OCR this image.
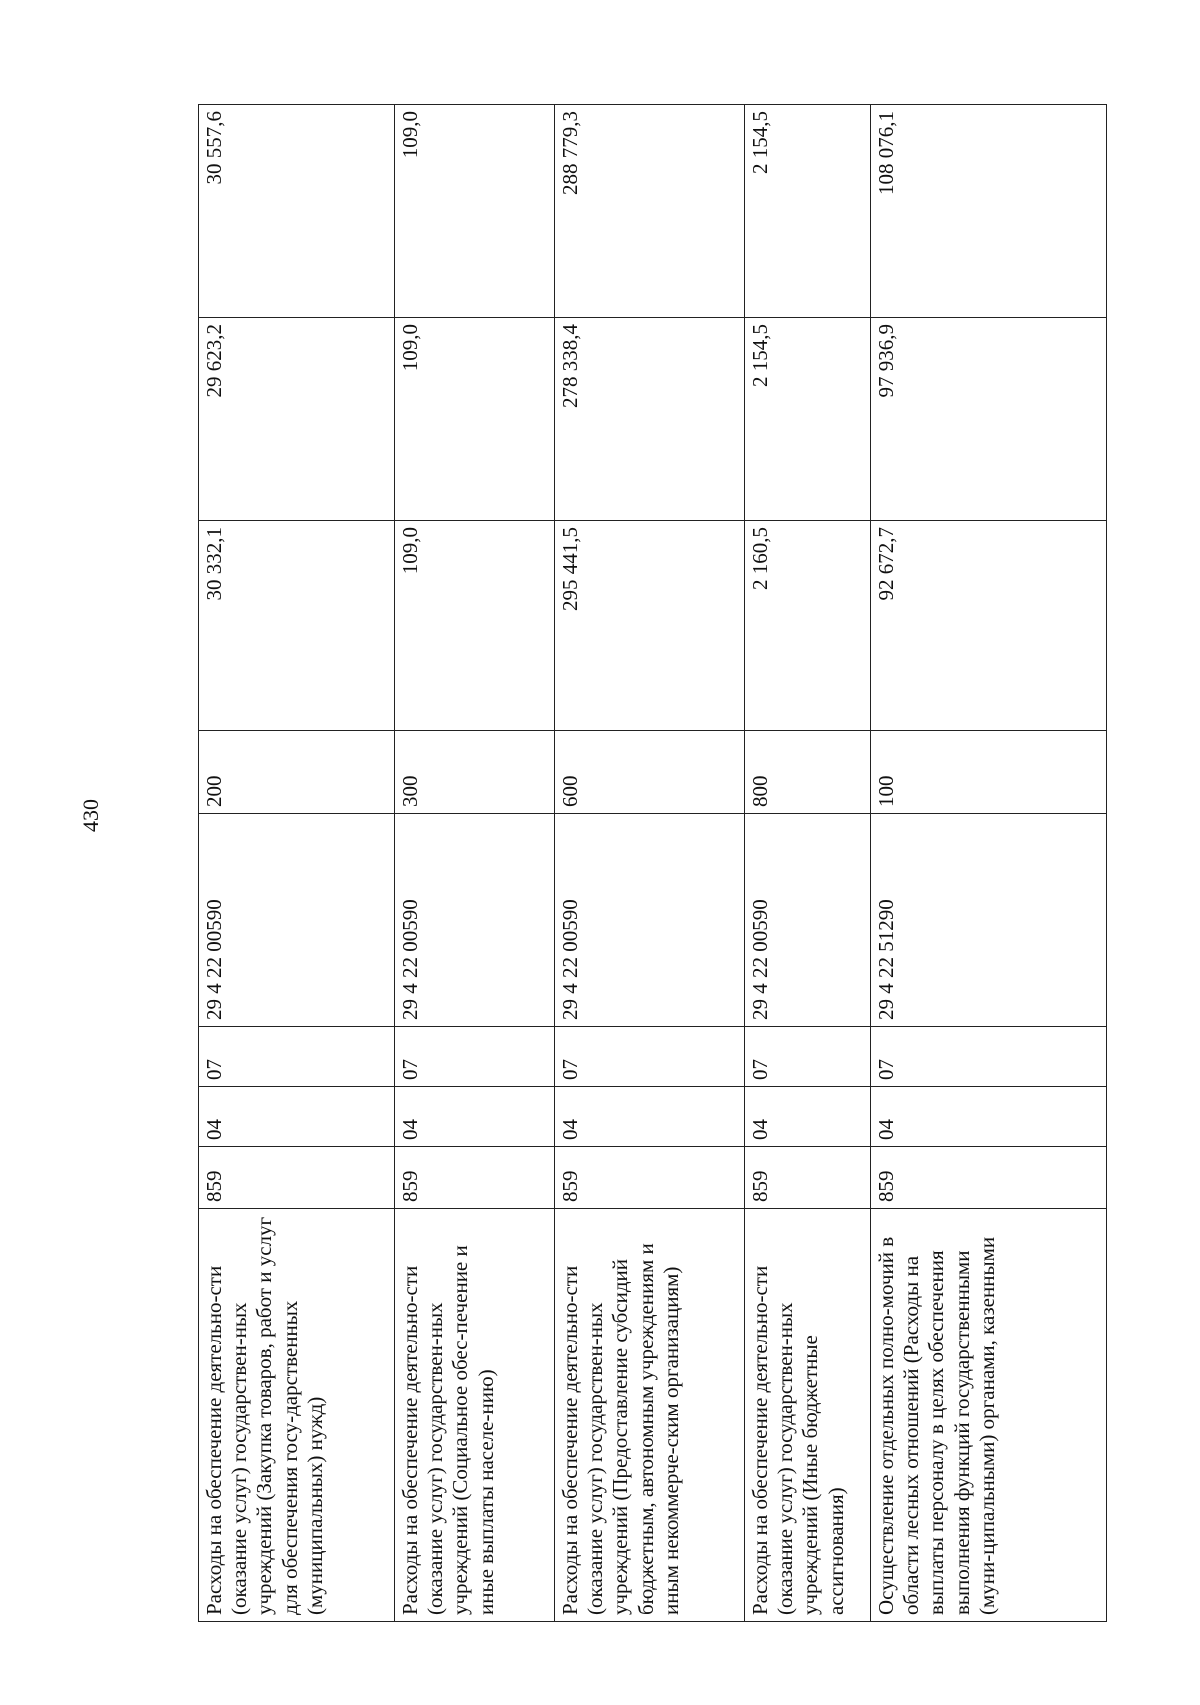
430
Расходы на обеспечение деятельно-сти (оказание услуг) государствен-ных учреждений (Закупка товаров, работ и услуг для обеспечения госу-дарственных (муниципальных) нужд)	859	04	07	29 4 22 00590	200	30 332,1	29 623,2	30 557,6
Расходы на обеспечение деятельно-сти (оказание услуг) государствен-ных учреждений (Социальное обес-печение и иные выплаты населе-нию)	859	04	07	29 4 22 00590	300	109,0	109,0	109,0
Расходы на обеспечение деятельно-сти (оказание услуг) государствен-ных учреждений (Предоставление субсидий бюджетным, автономным учреждениям и иным некоммерче-ским организациям)	859	04	07	29 4 22 00590	600	295 441,5	278 338,4	288 779,3
Расходы на обеспечение деятельно-сти (оказание услуг) государствен-ных учреждений (Иные бюджетные ассигнования)	859	04	07	29 4 22 00590	800	2 160,5	2 154,5	2 154,5
Осуществление отдельных полно-мочий в области лесных отношений (Расходы на выплаты персоналу в целях обеспечения выполнения функций государственными (муни-ципальными) органами, казенными	859	04	07	29 4 22 51290	100	92 672,7	97 936,9	108 076,1
